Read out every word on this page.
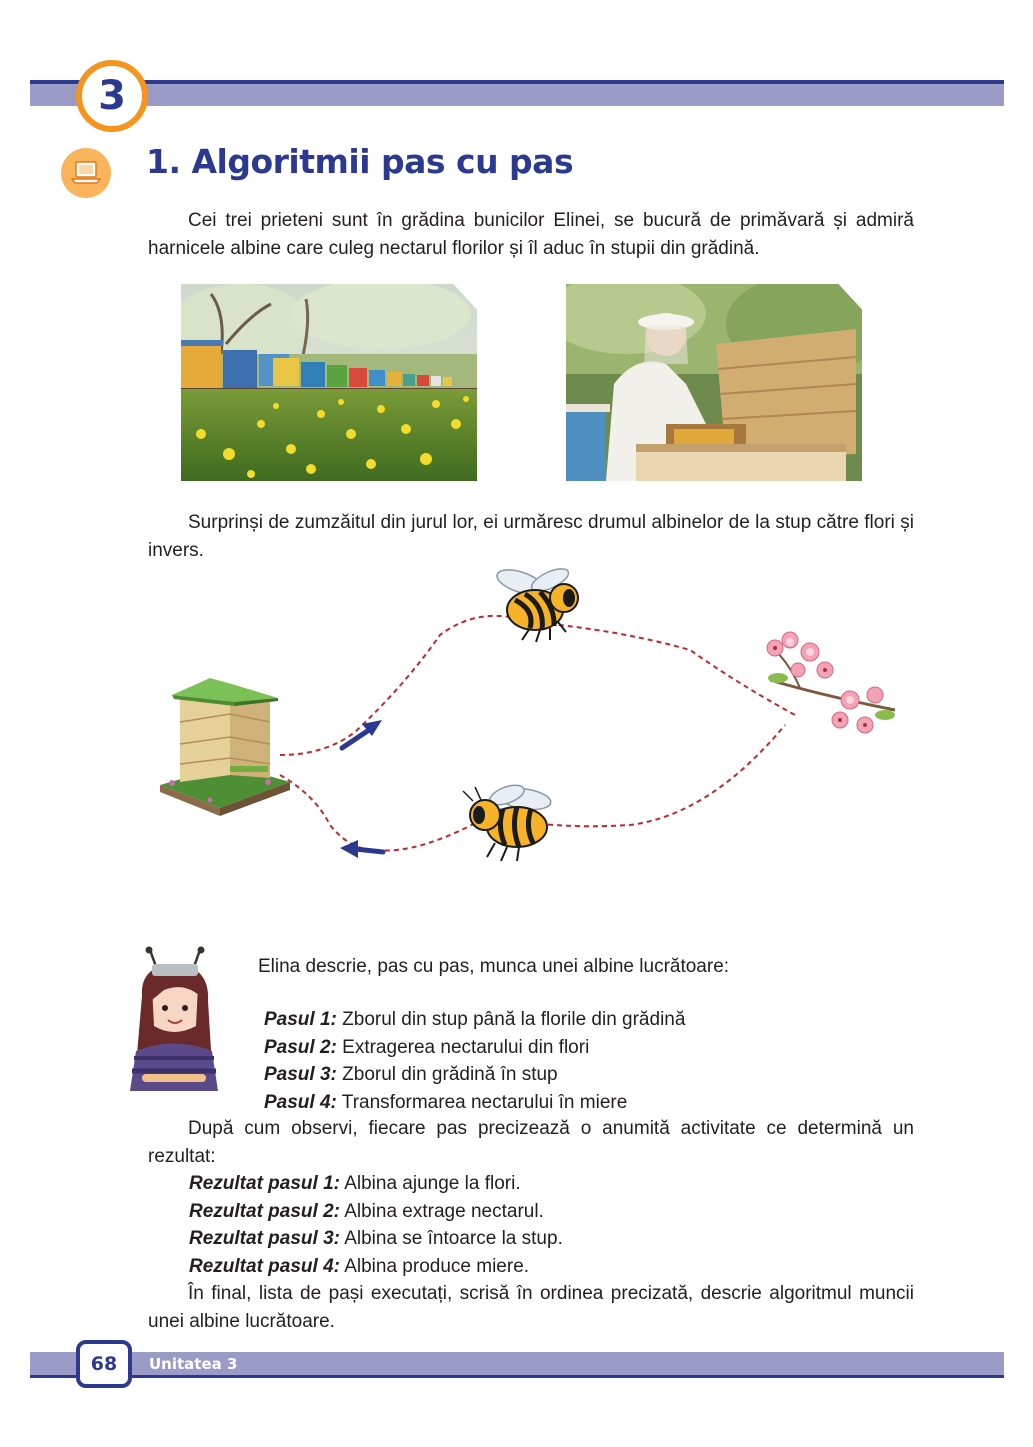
3
1. Algoritmii pas cu pas

Cei trei prieteni sunt în grădina bunicilor Elinei, se bucură de primăvară și admiră harnicele albine care culeg nectarul florilor și îl aduc în stupii din grădină.

Surprinși de zumzăitul din jurul lor, ei urmăresc drumul albinelor de la stup către flori și invers.

Elina descrie, pas cu pas, munca unei albine lucrătoare:

Pasul 1: Zborul din stup până la florile din grădină
Pasul 2: Extragerea nectarului din flori
Pasul 3: Zborul din grădină în stup
Pasul 4: Transformarea nectarului în miere

După cum observi, fiecare pas precizează o anumită activitate ce determină un rezultat:

Rezultat pasul 1: Albina ajunge la flori.
Rezultat pasul 2: Albina extrage nectarul.
Rezultat pasul 3: Albina se întoarce la stup.
Rezultat pasul 4: Albina produce miere.

În final, lista de pași executați, scrisă în ordinea precizată, descrie algoritmul muncii unei albine lucrătoare.

68	Unitatea 3
